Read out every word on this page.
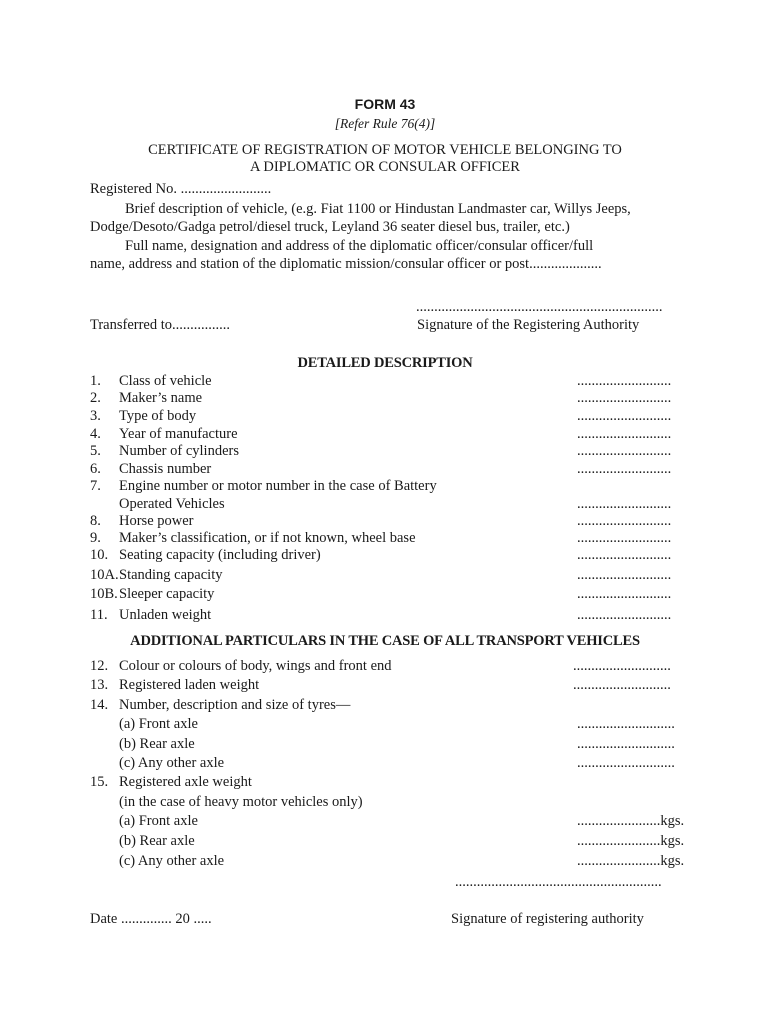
FORM 43
[Refer Rule 76(4)]
CERTIFICATE OF REGISTRATION OF MOTOR VEHICLE BELONGING TO
A DIPLOMATIC OR CONSULAR OFFICER
Registered No. .........................
Brief description of vehicle, (e.g. Fiat 1100 or Hindustan Landmaster car, Willys Jeeps,
Dodge/Desoto/Gadga petrol/diesel truck, Leyland 36 seater diesel bus, trailer, etc.)
Full name, designation and address of the diplomatic officer/consular officer/full
name, address and station of the diplomatic mission/consular officer or post....................
....................................................................
Transferred to................	Signature of the Registering Authority
DETAILED DESCRIPTION
1. Class of vehicle	..........................
2. Maker’s name	..........................
3. Type of body	..........................
4. Year of manufacture	..........................
5. Number of cylinders	..........................
6. Chassis number	..........................
7. Engine number or motor number in the case of Battery
Operated Vehicles	..........................
8. Horse power	..........................
9. Maker’s classification, or if not known, wheel base	..........................
10. Seating capacity (including driver)	..........................
10A. Standing capacity	..........................
10B. Sleeper capacity	..........................
11. Unladen weight	..........................
ADDITIONAL PARTICULARS IN THE CASE OF ALL TRANSPORT VEHICLES
12. Colour or colours of body, wings and front end	...........................
13. Registered laden weight	...........................
14. Number, description and size of tyres—
(a) Front axle	...........................
(b) Rear axle	...........................
(c) Any other axle	...........................
15. Registered axle weight
(in the case of heavy motor vehicles only)
(a) Front axle	.......................kgs.
(b) Rear axle	.......................kgs.
(c) Any other axle	.......................kgs.
.........................................................
Date .............. 20 .....	Signature of registering authority
